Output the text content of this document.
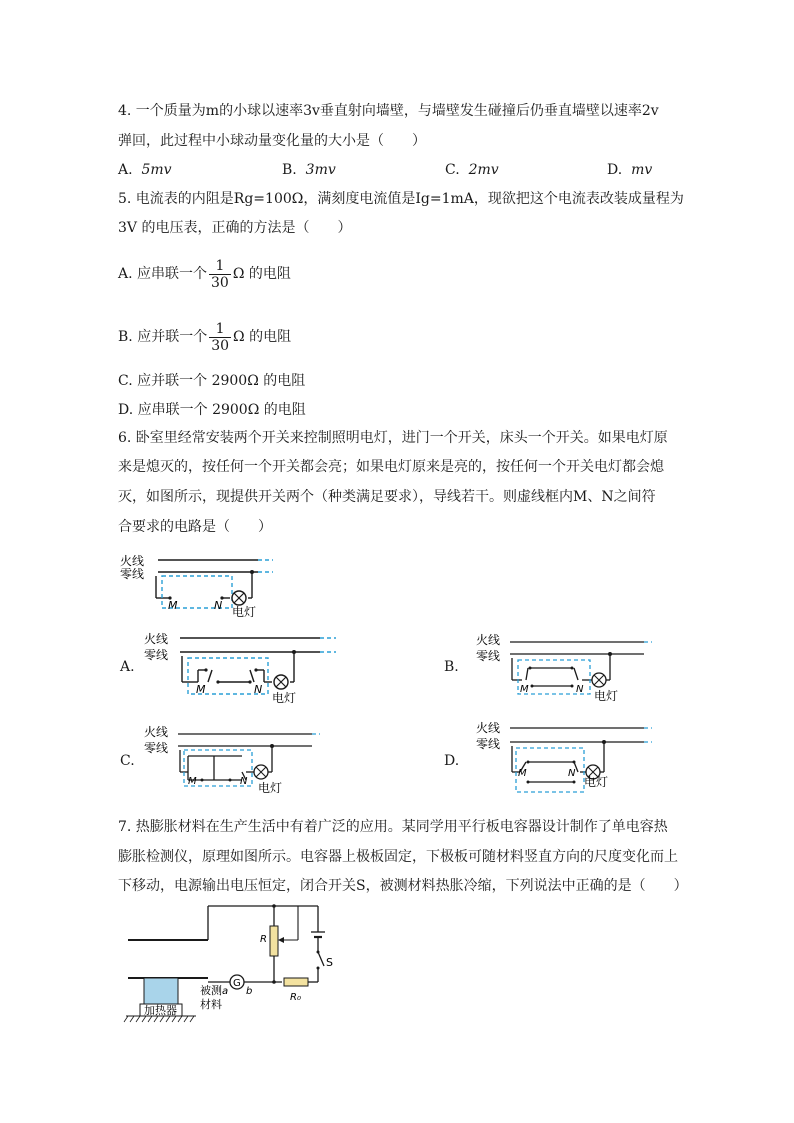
4. 一个质量为m的小球以速率3v垂直射向墙壁，与墙壁发生碰撞后仍垂直墙壁以速率2v
弹回，此过程中小球动量变化量的大小是（　　）
A. 5mv	B. 3mv	C. 2mv	D. mv
5. 电流表的内阻是Rg=100Ω，满刻度电流值是Ig=1mA，现欲把这个电流表改装成量程为
3V 的电压表，正确的方法是（　　）
A. 应串联一个 $\frac{1}{30}$ Ω 的电阻
B. 应并联一个 $\frac{1}{30}$ Ω 的电阻
C. 应并联一个 2900Ω 的电阻
D. 应串联一个 2900Ω 的电阻
6. 卧室里经常安装两个开关来控制照明电灯，进门一个开关，床头一个开关。如果电灯原
来是熄灭的，按任何一个开关都会亮；如果电灯原来是亮的，按任何一个开关电灯都会熄
灭，如图所示，现提供开关两个（种类满足要求），导线若干。则虚线框内M、N之间符
合要求的电路是（　　）
火线
零线
M	N 电灯
A.
火线
零线
M	N
电灯
B.
火线
零线
M	N 电灯
C.
火线
零线
M	N 电灯
D.
火线
零线
M	N
电灯
7. 热膨胀材料在生产生活中有着广泛的应用。某同学用平行板电容器设计制作了单电容热
膨胀检测仪，原理如图所示。电容器上极板固定，下极板可随材料竖直方向的尺度变化而上
下移动，电源输出电压恒定，闭合开关S，被测材料热胀冷缩，下列说法中正确的是（　　）
加热器
被测
材料
G
a b
R
R₀
S
